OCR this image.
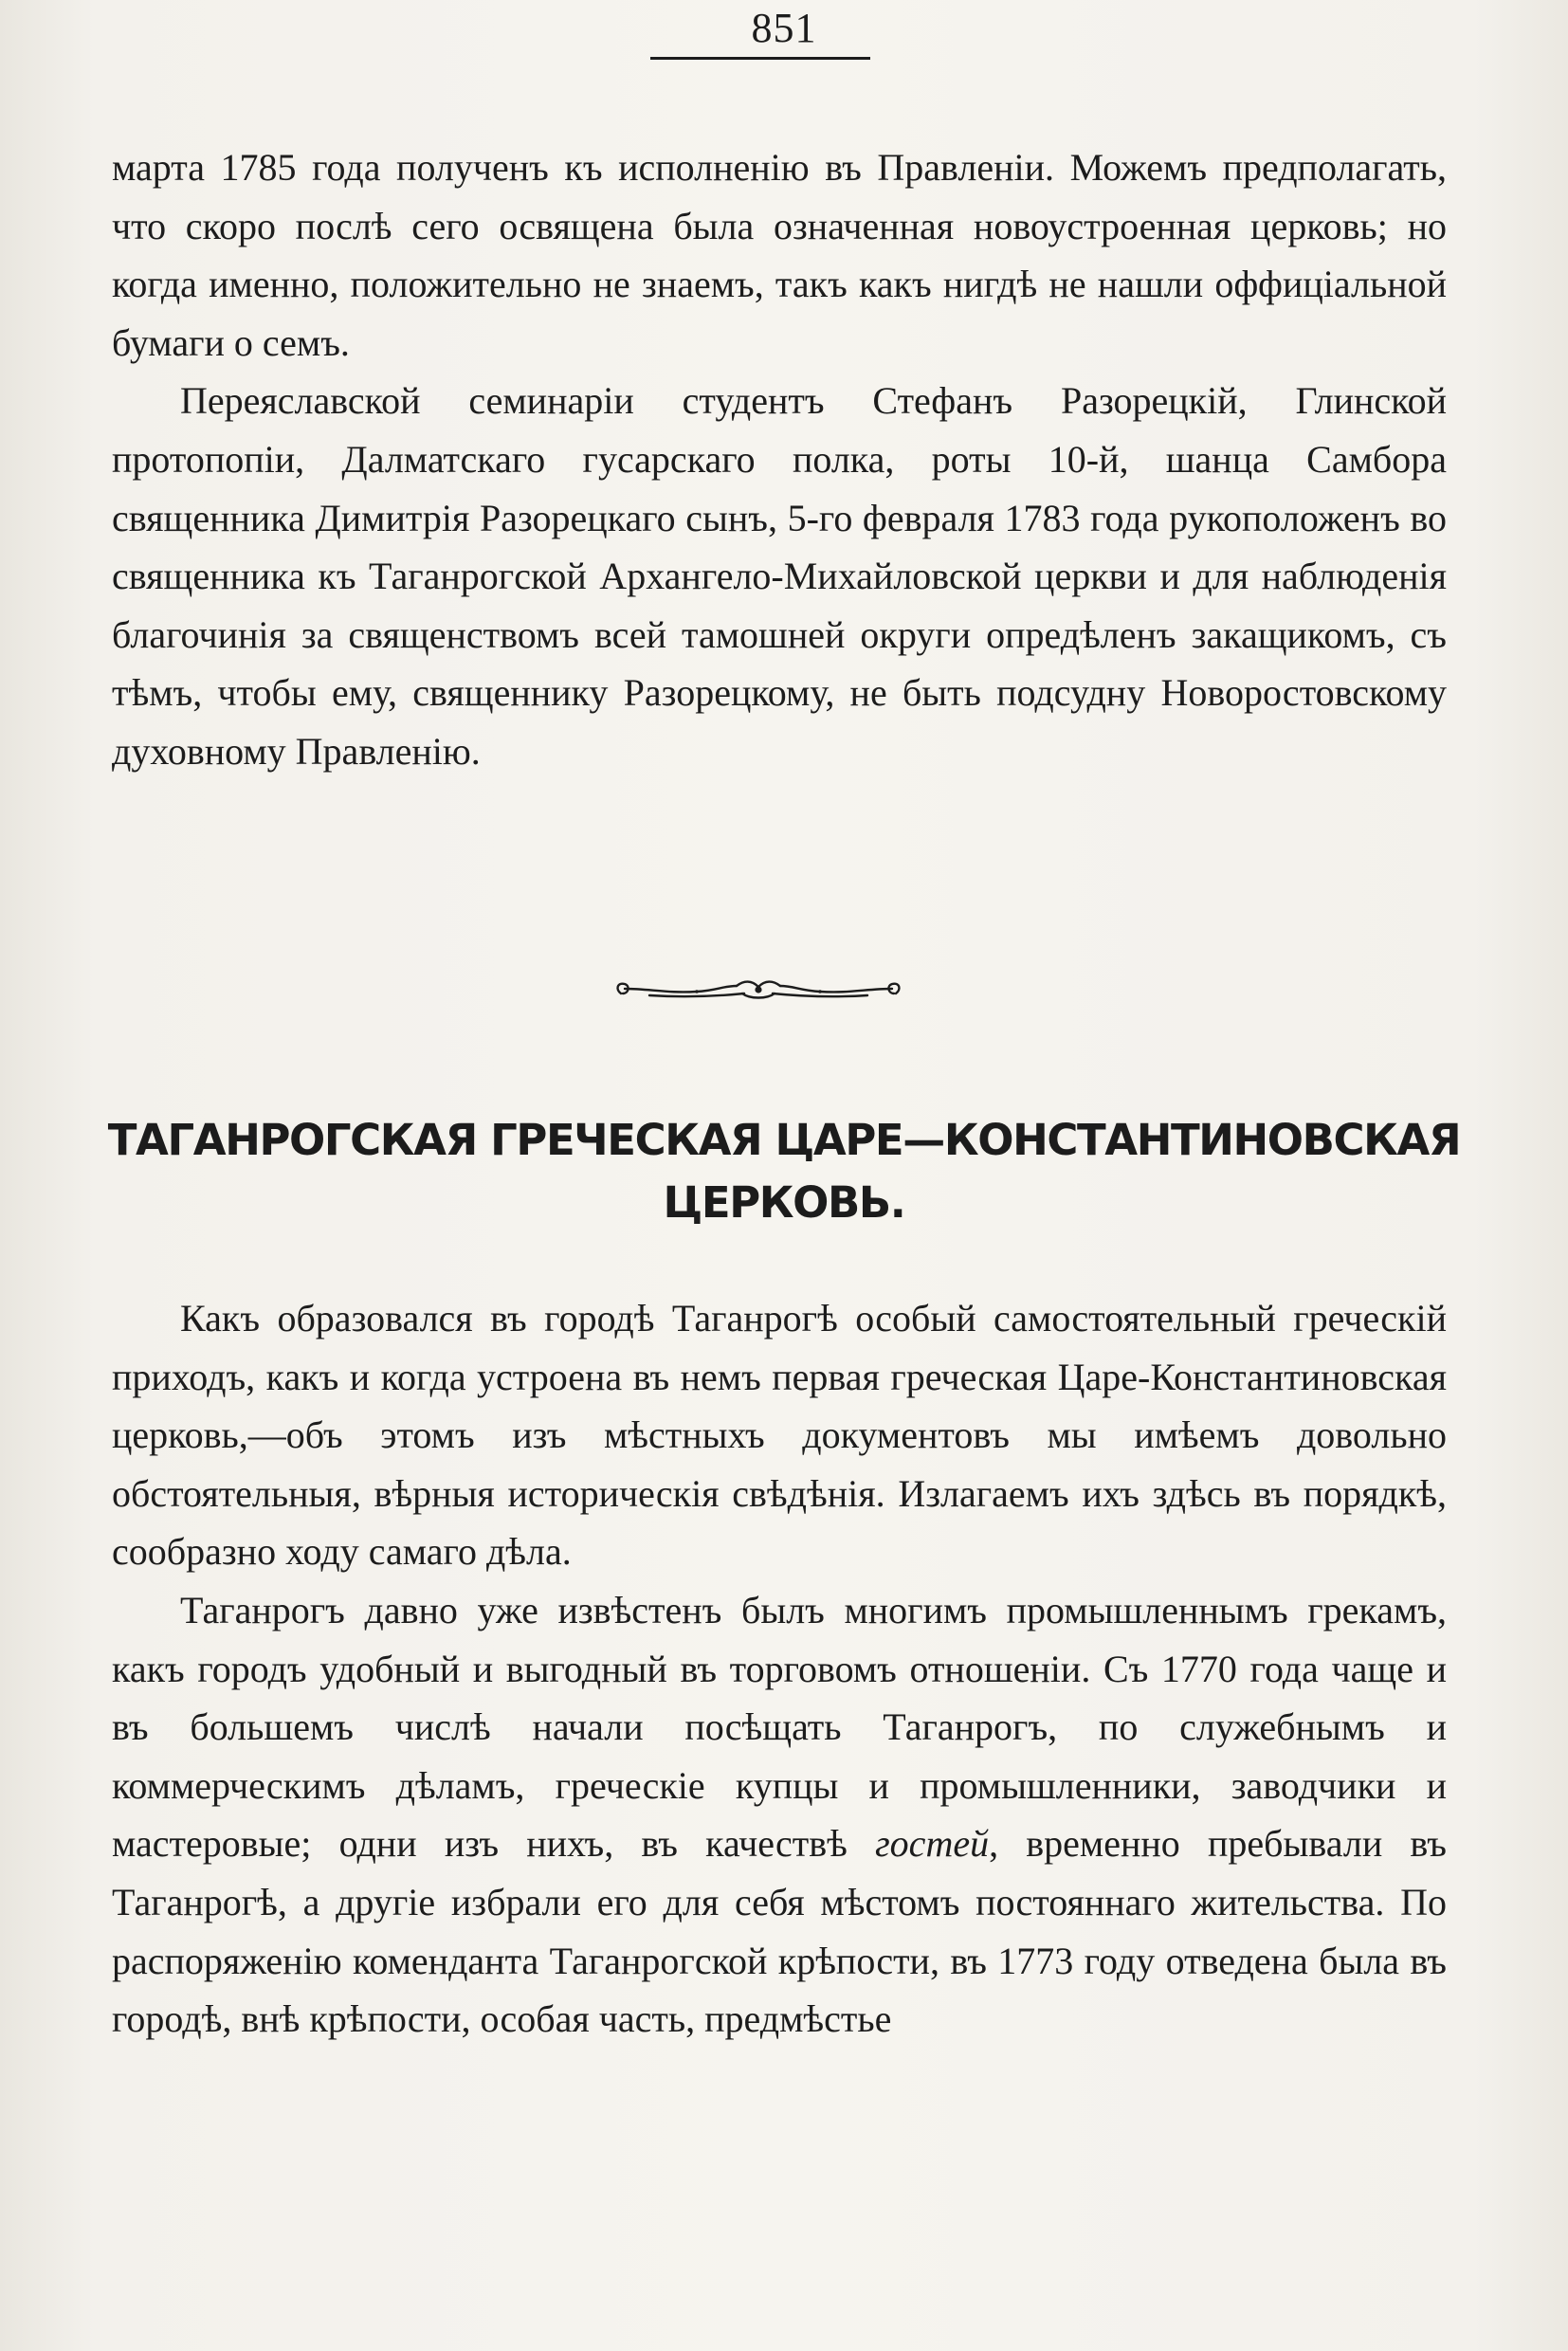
851

марта 1785 года полученъ къ исполненію въ Правленіи. Можемъ предполагать, что скоро послѣ сего освящена была означенная новоустроенная церковь; но когда именно, положительно не знаемъ, такъ какъ нигдѣ не нашли оффиціальной бумаги о семъ.

Переяславской семинаріи студентъ Стефанъ Разорецкій, Глинской протопопіи, Далматскаго гусарскаго полка, роты 10-й, шанца Самбора священника Димитрія Разорецкаго сынъ, 5-го февраля 1783 года рукоположенъ во священника къ Таганрогской Архангело-Михайловской церкви и для наблюденія благочинія за священствомъ всей тамошней округи опредѣленъ закащикомъ, съ тѣмъ, чтобы ему, священнику Разорецкому, не быть подсудну Новоростовскому духовному Правленію.

ТАГАНРОГСКАЯ ГРЕЧЕСКАЯ ЦАРЕ—КОНСТАНТИНОВСКАЯ
ЦЕРКОВЬ.

Какъ образовался въ городѣ Таганрогѣ особый самостоятельный греческій приходъ, какъ и когда устроена въ немъ первая греческая Царе-Константиновская церковь,—объ этомъ изъ мѣстныхъ документовъ мы имѣемъ довольно обстоятельныя, вѣрныя историческія свѣдѣнія. Излагаемъ ихъ здѣсь въ порядкѣ, сообразно ходу самаго дѣла.

Таганрогъ давно уже извѣстенъ былъ многимъ промышленнымъ грекамъ, какъ городъ удобный и выгодный въ торговомъ отношеніи. Съ 1770 года чаще и въ большемъ числѣ начали посѣщать Таганрогъ, по служебнымъ и коммерческимъ дѣламъ, греческіе купцы и промышленники, заводчики и мастеровые; одни изъ нихъ, въ качествѣ гостей, временно пребывали въ Таганрогѣ, а другіе избрали его для себя мѣстомъ постояннаго жительства. По распоряженію коменданта Таганрогской крѣпости, въ 1773 году отведена была въ городѣ, внѣ крѣпости, особая часть, предмѣстье
